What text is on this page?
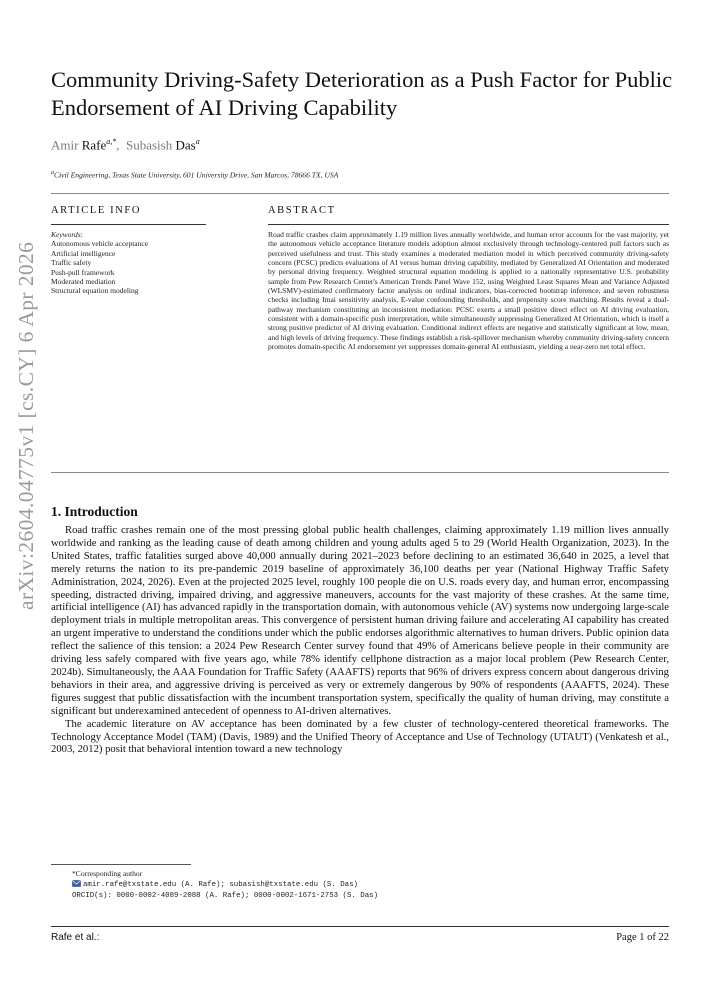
arXiv:2604.04775v1 [cs.CY] 6 Apr 2026
Community Driving-Safety Deterioration as a Push Factor for Public Endorsement of AI Driving Capability
Amir Rafe$^{a,*}$,  Subasish Das$^a$
$^a$Civil Engineering, Texas State University, 601 University Drive, San Marcos, 78666 TX, USA
ARTICLE INFO	ABSTRACT
Keywords:
Autonomous vehicle acceptance
Artificial intelligence
Traffic safety
Push-pull framework
Moderated mediation
Structural equation modeling

Road traffic crashes claim approximately 1.19 million lives annually worldwide, and human error accounts for the vast majority, yet the autonomous vehicle acceptance literature models adoption almost exclusively through technology-centered pull factors such as perceived usefulness and trust. This study examines a moderated mediation model in which perceived community driving-safety concern (PCSC) predicts evaluations of AI versus human driving capability, mediated by Generalized AI Orientation and moderated by personal driving frequency. Weighted structural equation modeling is applied to a nationally representative U.S. probability sample from Pew Research Center's American Trends Panel Wave 152, using Weighted Least Squares Mean and Variance Adjusted (WLSMV)-estimated confirmatory factor analysis on ordinal indicators, bias-corrected bootstrap inference, and seven robustness checks including Imai sensitivity analysis, E-value confounding thresholds, and propensity score matching. Results reveal a dual-pathway mechanism constituting an inconsistent mediation: PCSC exerts a small positive direct effect on AI driving evaluation, consistent with a domain-specific push interpretation, while simultaneously suppressing Generalized AI Orientation, which is itself a strong positive predictor of AI driving evaluation. Conditional indirect effects are negative and statistically significant at low, mean, and high levels of driving frequency. These findings establish a risk-spillover mechanism whereby community driving-safety concern promotes domain-specific AI endorsement yet suppresses domain-general AI enthusiasm, yielding a near-zero net total effect.

1. Introduction

Road traffic crashes remain one of the most pressing global public health challenges, claiming approximately 1.19 million lives annually worldwide and ranking as the leading cause of death among children and young adults aged 5 to 29 (World Health Organization, 2023). In the United States, traffic fatalities surged above 40,000 annually during 2021–2023 before declining to an estimated 36,640 in 2025, a level that merely returns the nation to its pre-pandemic 2019 baseline of approximately 36,100 deaths per year (National Highway Traffic Safety Administration, 2024, 2026). Even at the projected 2025 level, roughly 100 people die on U.S. roads every day, and human error, encompassing speeding, distracted driving, impaired driving, and aggressive maneuvers, accounts for the vast majority of these crashes. At the same time, artificial intelligence (AI) has advanced rapidly in the transportation domain, with autonomous vehicle (AV) systems now undergoing large-scale deployment trials in multiple metropolitan areas. This convergence of persistent human driving failure and accelerating AI capability has created an urgent imperative to understand the conditions under which the public endorses algorithmic alternatives to human drivers. Public opinion data reflect the salience of this tension: a 2024 Pew Research Center survey found that 49% of Americans believe people in their community are driving less safely compared with five years ago, while 78% identify cellphone distraction as a major local problem (Pew Research Center, 2024b). Simultaneously, the AAA Foundation for Traffic Safety (AAAFTS) reports that 96% of drivers express concern about dangerous driving behaviors in their area, and aggressive driving is perceived as very or extremely dangerous by 90% of respondents (AAAFTS, 2024). These figures suggest that public dissatisfaction with the incumbent transportation system, specifically the quality of human driving, may constitute a significant but underexamined antecedent of openness to AI-driven alternatives.

The academic literature on AV acceptance has been dominated by a few cluster of technology-centered theoretical frameworks. The Technology Acceptance Model (TAM) (Davis, 1989) and the Unified Theory of Acceptance and Use of Technology (UTAUT) (Venkatesh et al., 2003, 2012) posit that behavioral intention toward a new technology

*Corresponding author
amir.rafe@txstate.edu (A. Rafe); subasish@txstate.edu (S. Das)
ORCID(s): 0000-0002-4089-2088 (A. Rafe); 0000-0002-1671-2753 (S. Das)
Rafe et al.:	Page 1 of 22
